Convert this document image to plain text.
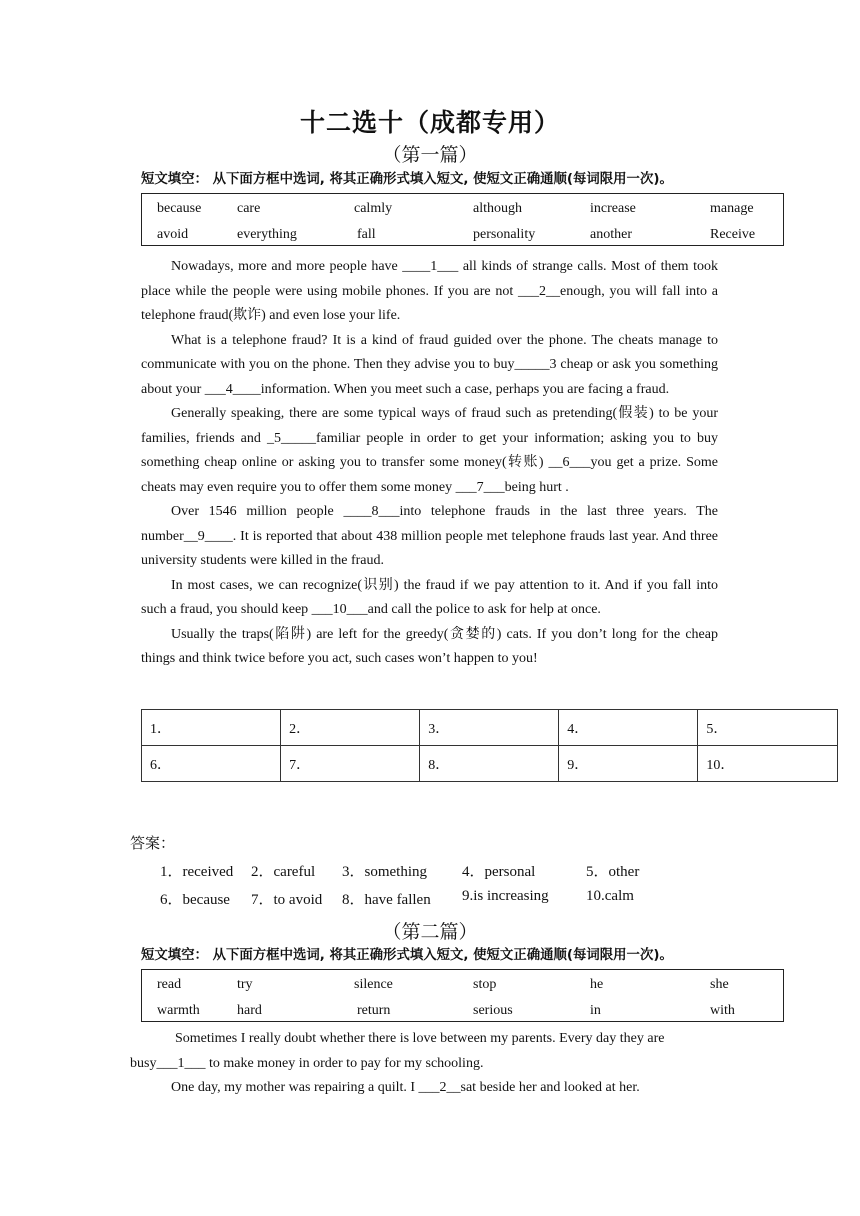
十二选十（成都专用）
（第一篇）
短文填空： 从下面方框中选词, 将其正确形式填入短文, 使短文正确通顺(每词限用一次)。
because	care	calmly	although	increase	manage
avoid	everything	fall	personality	another	Receive

Nowadays, more and more people have ____1___ all kinds of strange calls. Most of them took place while the people were using mobile phones. If you are not ___2__enough, you will fall into a telephone fraud(欺诈) and even lose your life.

What is a telephone fraud? It is a kind of fraud guided over the phone. The cheats manage to communicate with you on the phone. Then they advise you to buy_____3 cheap or ask you something about your ___4____information. When you meet such a case, perhaps you are facing a fraud.

Generally speaking, there are some typical ways of fraud such as pretending(假装) to be your families, friends and _5_____familiar people in order to get your information; asking you to buy something cheap online or asking you to transfer some money(转账) __6___you get a prize. Some cheats may even require you to offer them some money ___7___being hurt .

Over 1546 million people ____8___into telephone frauds in the last three years. The number__9____. It is reported that about 438 million people met telephone frauds last year. And three university students were killed in the fraud.

In most cases, we can recognize(识别) the fraud if we pay attention to it. And if you fall into such a fraud, you should keep ___10___and call the police to ask for help at once.

Usually the traps(陷阱) are left for the greedy(贪婪的) cats. If you don’t long for the cheap things and think twice before you act, such cases won’t happen to you!

1．	2．	3．	4．	5．
6．	7．	8．	9．	10．
答案：
1．received 2．careful 3．something 4．personal	5．other
6．because 7．to avoid 8．have fallen 9.is increasing 10.calm
（第二篇）
短文填空： 从下面方框中选词, 将其正确形式填入短文, 使短文正确通顺(每词限用一次)。
read	try	silence	stop	he	she
warmth	hard	return	serious	in	with

Sometimes I really doubt whether there is love between my parents. Every day they are

busy___1___ to make money in order to pay for my schooling.

One day, my mother was repairing a quilt. I ___2__sat beside her and looked at her.
